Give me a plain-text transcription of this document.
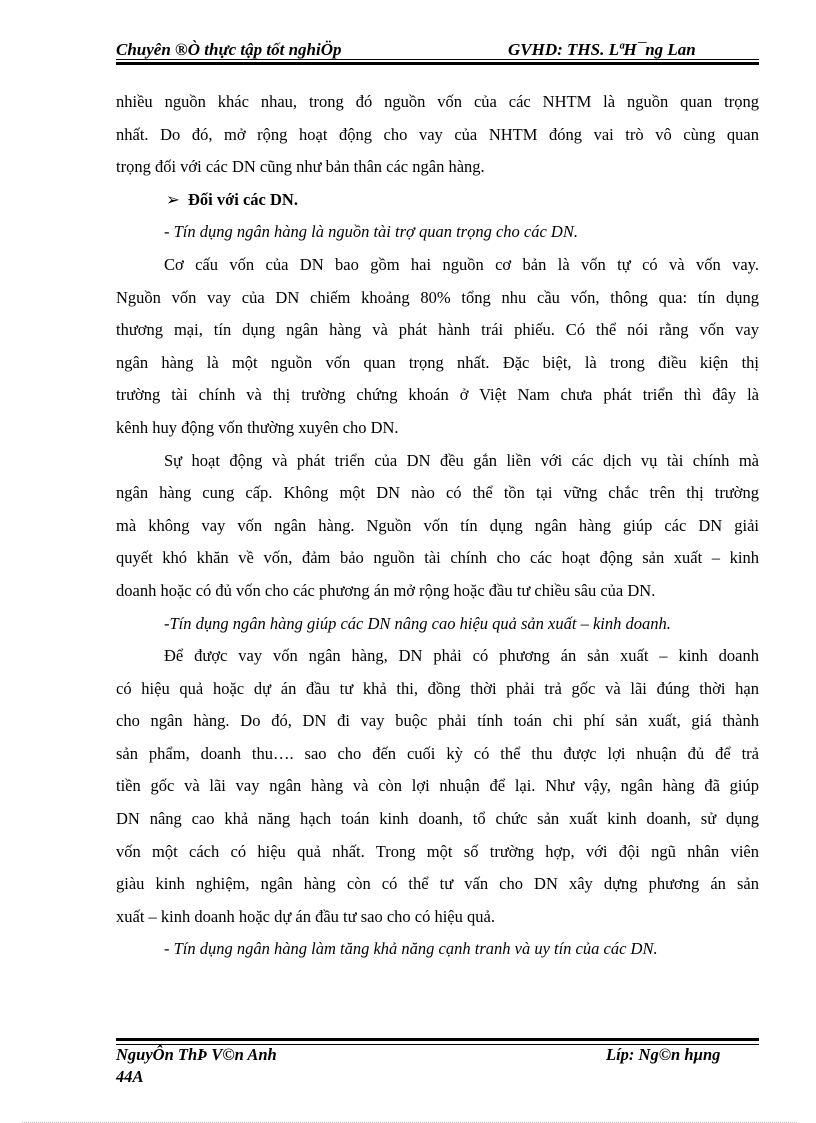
Chuyên ®Ò thực tập tốt nghiÖp	GVHD: THS. LªH¯ng Lan
nhiều nguồn khác nhau, trong đó nguồn vốn của các NHTM là nguồn quan trọng
nhất. Do đó, mở rộng hoạt động cho vay của NHTM đóng vai trò vô cùng quan
trọng đối với các DN cũng như bản thân các ngân hàng.
➢ Đối với các DN.
- Tín dụng ngân hàng là nguồn tài trợ quan trọng cho các DN.
Cơ cấu vốn của DN bao gồm hai nguồn cơ bản là vốn tự có và vốn vay.
Nguồn vốn vay của DN chiếm khoảng 80% tổng nhu cầu vốn, thông qua: tín dụng
thương mại, tín dụng ngân hàng và phát hành trái phiếu. Có thể nói rằng vốn vay
ngân hàng là một nguồn vốn quan trọng nhất. Đặc biệt, là trong điều kiện thị
trường tài chính và thị trường chứng khoán ở Việt Nam chưa phát triển thì đây là
kênh huy động vốn thường xuyên cho DN.
Sự hoạt động và phát triển của DN đều gắn liền với các dịch vụ tài chính mà
ngân hàng cung cấp. Không một DN nào có thể tồn tại vững chắc trên thị trường
mà không vay vốn ngân hàng. Nguồn vốn tín dụng ngân hàng giúp các DN giải
quyết khó khăn về vốn, đảm bảo nguồn tài chính cho các hoạt động sản xuất – kinh
doanh hoặc có đủ vốn cho các phương án mở rộng hoặc đầu tư chiều sâu của DN.
-Tín dụng ngân hàng giúp các DN nâng cao hiệu quả sản xuất – kinh doanh.
Để được vay vốn ngân hàng, DN phải có phương án sản xuất – kinh doanh
có hiệu quả hoặc dự án đầu tư khả thi, đồng thời phải trả gốc và lãi đúng thời hạn
cho ngân hàng. Do đó, DN đi vay buộc phải tính toán chi phí sản xuất, giá thành
sản phẩm, doanh thu…. sao cho đến cuối kỳ có thể thu được lợi nhuận đủ để trả
tiền gốc và lãi vay ngân hàng và còn lợi nhuận để lại. Như vậy, ngân hàng đã giúp
DN nâng cao khả năng hạch toán kinh doanh, tổ chức sản xuất kinh doanh, sử dụng
vốn một cách có hiệu quả nhất. Trong một số trường hợp, với đội ngũ nhân viên
giàu kinh nghiệm, ngân hàng còn có thể tư vấn cho DN xây dựng phương án sản
xuất – kinh doanh hoặc dự án đầu tư sao cho có hiệu quả.
- Tín dụng ngân hàng làm tăng khả năng cạnh tranh và uy tín của các DN.
NguyÔn ThÞ V©n Anh
44A
Líp: Ng©n hµng
